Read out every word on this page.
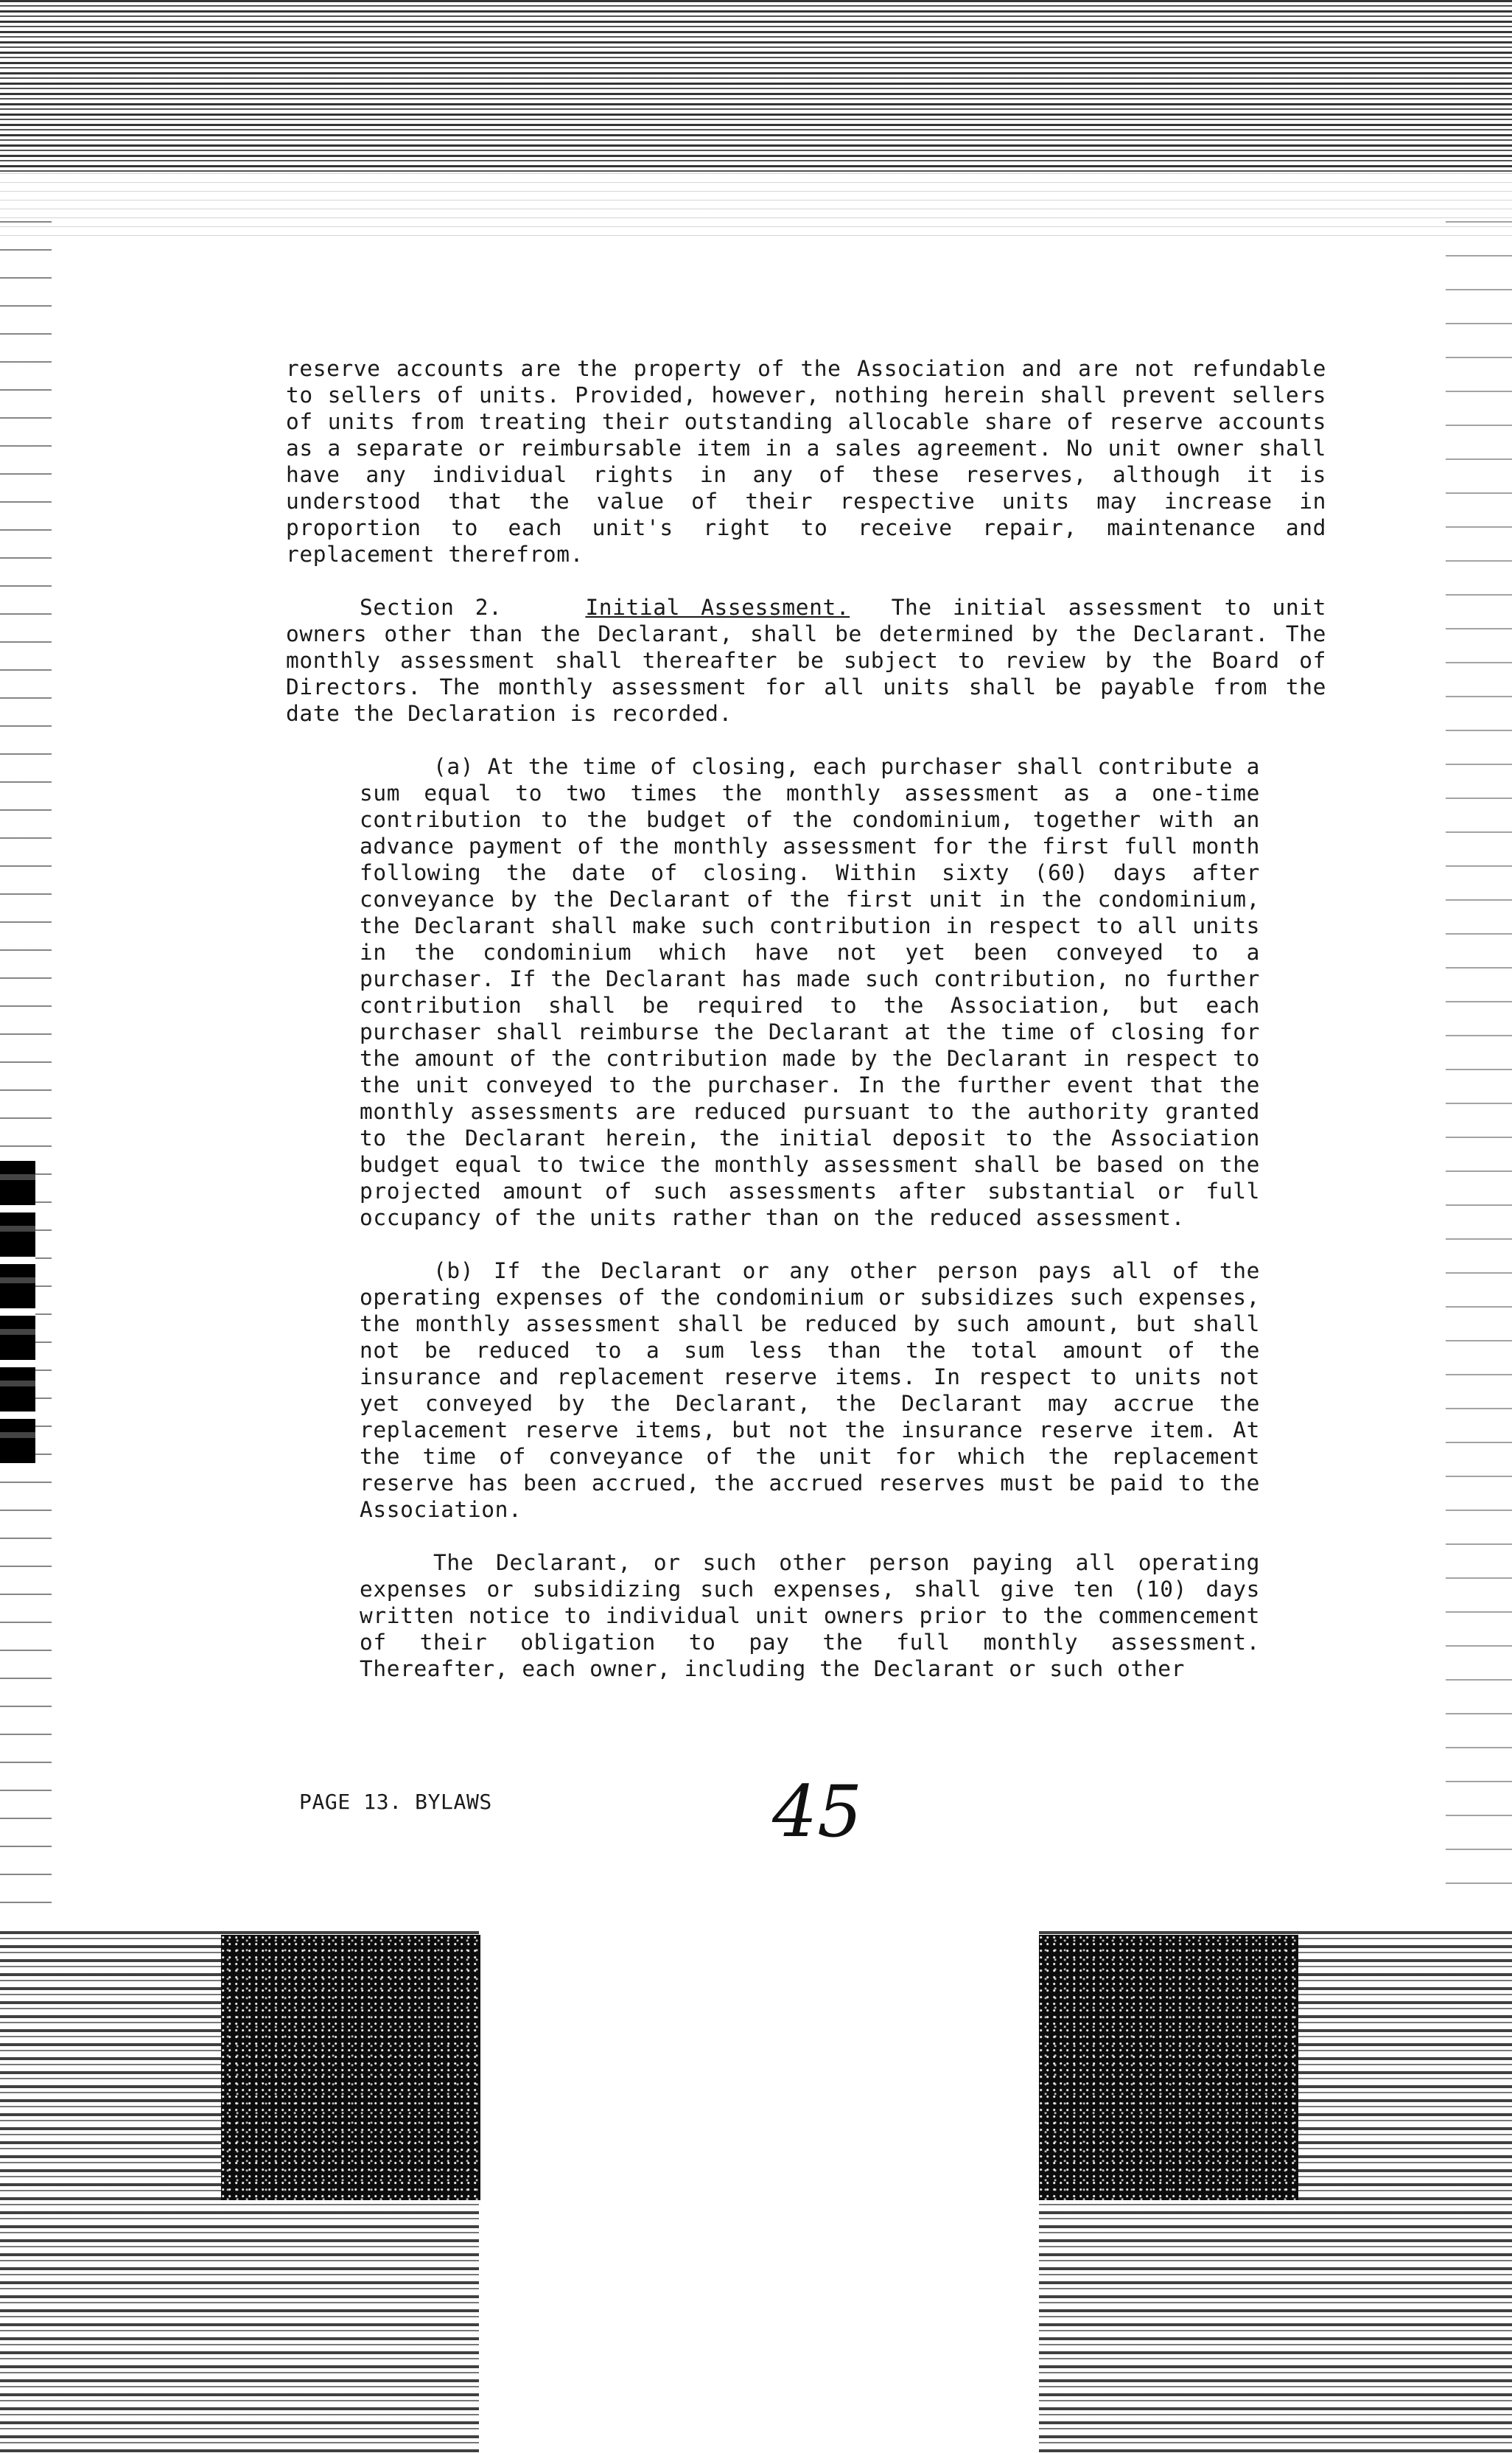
reserve accounts are the property of the Association and are not refundable to sellers of units. Provided, however, nothing herein shall prevent sellers of units from treating their outstanding allocable share of reserve accounts as a separate or reimbursable item in a sales agreement. No unit owner shall have any individual rights in any of these reserves, although it is understood that the value of their respective units may increase in proportion to each unit's right to receive repair, maintenance and replacement therefrom.

Section 2.	Initial Assessment. The initial assessment to unit owners other than the Declarant, shall be determined by the Declarant. The monthly assessment shall thereafter be subject to review by the Board of Directors. The monthly assessment for all units shall be payable from the date the Declaration is recorded.

(a) At the time of closing, each purchaser shall contribute a sum equal to two times the monthly assessment as a one-time contribution to the budget of the condominium, together with an advance payment of the monthly assessment for the first full month following the date of closing. Within sixty (60) days after conveyance by the Declarant of the first unit in the condominium, the Declarant shall make such contribution in respect to all units in the condominium which have not yet been conveyed to a purchaser. If the Declarant has made such contribution, no further contribution shall be required to the Association, but each purchaser shall reimburse the Declarant at the time of closing for the amount of the contribution made by the Declarant in respect to the unit conveyed to the purchaser. In the further event that the monthly assessments are reduced pursuant to the authority granted to the Declarant herein, the initial deposit to the Association budget equal to twice the monthly assessment shall be based on the projected amount of such assessments after substantial or full occupancy of the units rather than on the reduced assessment.

(b) If the Declarant or any other person pays all of the operating expenses of the condominium or subsidizes such expenses, the monthly assessment shall be reduced by such amount, but shall not be reduced to a sum less than the total amount of the insurance and replacement reserve items. In respect to units not yet conveyed by the Declarant, the Declarant may accrue the replacement reserve items, but not the insurance reserve item. At the time of conveyance of the unit for which the replacement reserve has been accrued, the accrued reserves must be paid to the Association.

The Declarant, or such other person paying all operating expenses or subsidizing such expenses, shall give ten (10) days written notice to individual unit owners prior to the commencement of their obligation to pay the full monthly assessment. Thereafter, each owner, including the Declarant or such other

PAGE 13. BYLAWS	45
